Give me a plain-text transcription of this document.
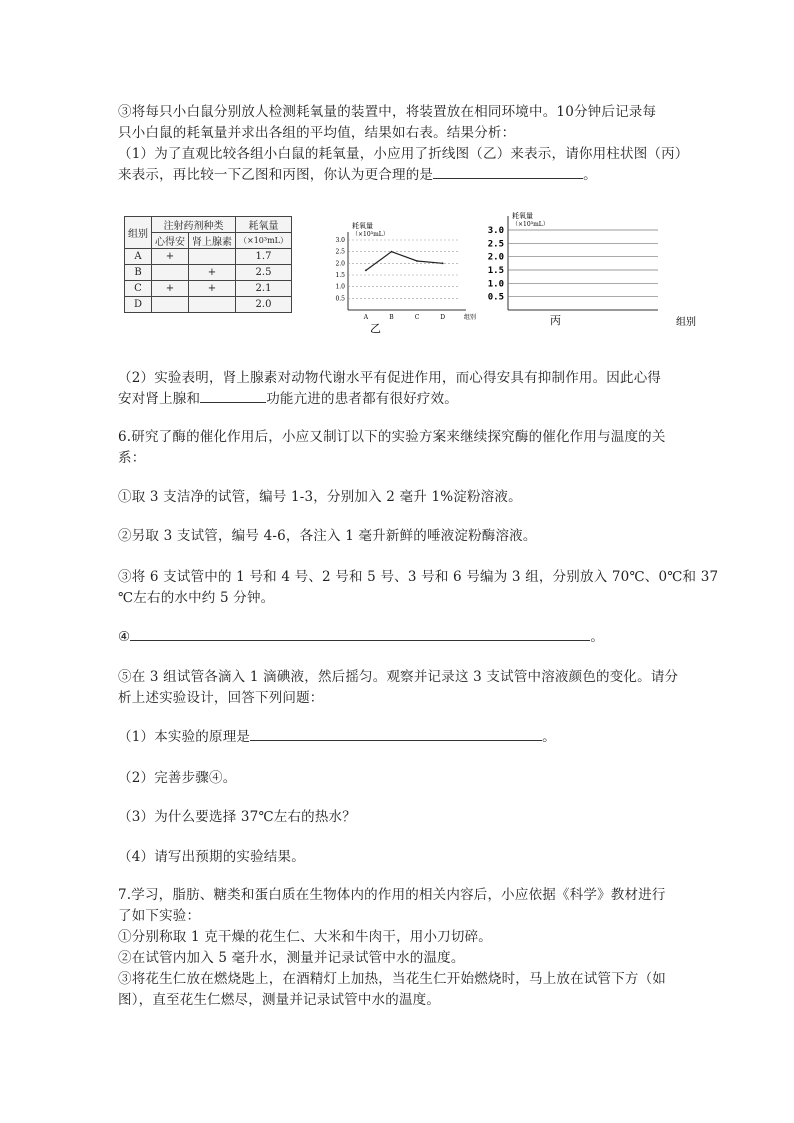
③将每只小白鼠分别放人检测耗氧量的装置中，将装置放在相同环境中。10分钟后记录每
只小白鼠的耗氧量并求出各组的平均值，结果如右表。结果分析：
（1）为了直观比较各组小白鼠的耗氧量，小应用了折线图（乙）来表示，请你用柱状图（丙）
来表示，再比较一下乙图和丙图，你认为更合理的是	。
组别	注射药剂种类		耗氧量
	心得安	肾上腺素	（×10³mL）
A	+		1.7
B		+	2.5
C	+	+	2.1
D			2.0
耗氧量
（×10³mL）
0.5
1.0
1.5
2.0
2.5
3.0
A	B	C	D	组别
乙
耗氧量
（×10³mL）
0.5
1.0
1.5
2.0
2.5
3.0
丙	组别
（2）实验表明，肾上腺素对动物代谢水平有促进作用，而心得安具有抑制作用。因此心得
安对肾上腺和	功能亢进的患者都有很好疗效。
6.研究了酶的催化作用后，小应又制订以下的实验方案来继续探究酶的催化作用与温度的关
系：
①取 3 支洁净的试管，编号 1-3，分别加入 2 毫升 1%淀粉溶液。
②另取 3 支试管，编号 4-6，各注入 1 毫升新鲜的唾液淀粉酶溶液。
③将 6 支试管中的 1 号和 4 号、2 号和 5 号、3 号和 6 号编为 3 组，分别放入 70℃、0℃和 37
℃左右的水中约 5 分钟。
④	。
⑤在 3 组试管各滴入 1 滴碘液，然后摇匀。观察并记录这 3 支试管中溶液颜色的变化。请分
析上述实验设计，回答下列问题：
（1）本实验的原理是	。
（2）完善步骤④。
（3）为什么要选择 37℃左右的热水？
（4）请写出预期的实验结果。
7.学习，脂肪、糖类和蛋白质在生物体内的作用的相关内容后，小应依据《科学》教材进行
了如下实验：
①分别称取 1 克干燥的花生仁、大米和牛肉干，用小刀切碎。
②在试管内加入 5 毫升水，测量并记录试管中水的温度。
③将花生仁放在燃烧匙上，在酒精灯上加热，当花生仁开始燃烧时，马上放在试管下方（如
图），直至花生仁燃尽，测量并记录试管中水的温度。
